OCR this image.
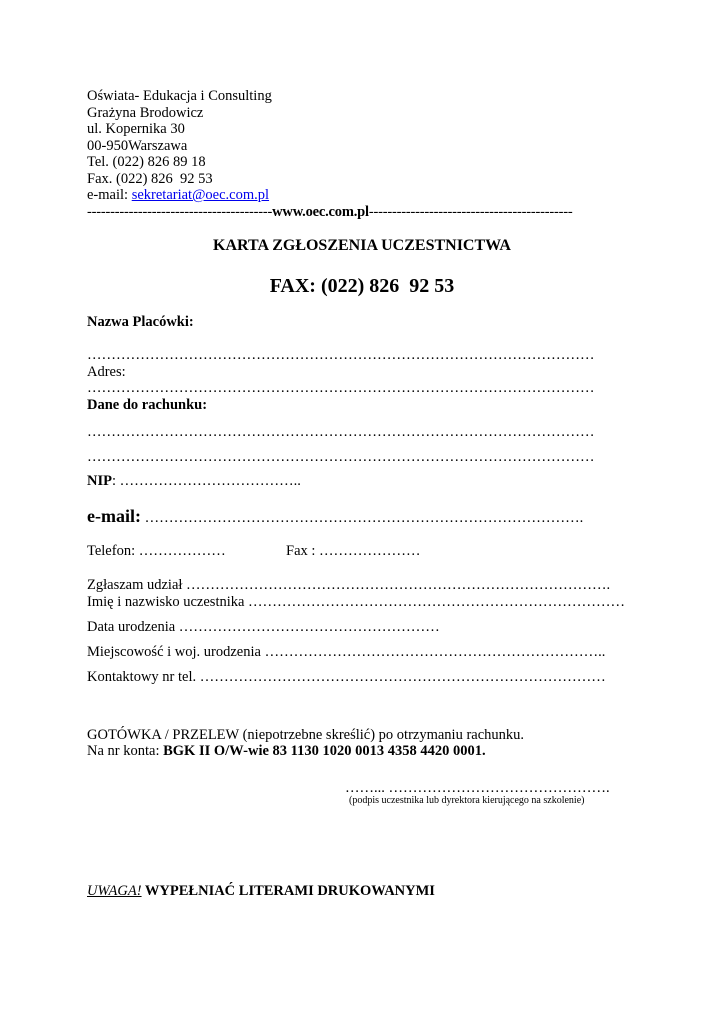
Oświata- Edukacja i Consulting
Grażyna Brodowicz
ul. Kopernika 30
00-950Warszawa
Tel. (022) 826 89 18
Fax. (022) 826  92 53
e-mail: sekretariat@oec.com.pl
----------------------------------------www.oec.com.pl--------------------------------------------
KARTA ZGŁOSZENIA UCZESTNICTWA
FAX: (022) 826  92 53
Nazwa Placówki:
……………………………………………………………………………………………
Adres:
……………………………………………………………………………………………
Dane do rachunku:
……………………………………………………………………………………………
……………………………………………………………………………………………
NIP: ………………………………..
e-mail: ……………………………………………………………………………….
Telefon: ………………	Fax : …………………
Zgłaszam udział …………………………………………………………………………….
Imię i nazwisko uczestnika ……………………………………………………………………
Data urodzenia ………………………………………………
Miejscowość i woj. urodzenia ……………………………………………………………..
Kontaktowy nr tel. …………………………………………………………………………
GOTÓWKA / PRZELEW (niepotrzebne skreślić) po otrzymaniu rachunku.
Na nr konta: BGK II O/W-wie 83 1130 1020 0013 4358 4420 0001.
……... ……………………………………….
(podpis uczestnika lub dyrektora kierującego na szkolenie)
UWAGA! WYPEŁNIAĆ LITERAMI DRUKOWANYMI
